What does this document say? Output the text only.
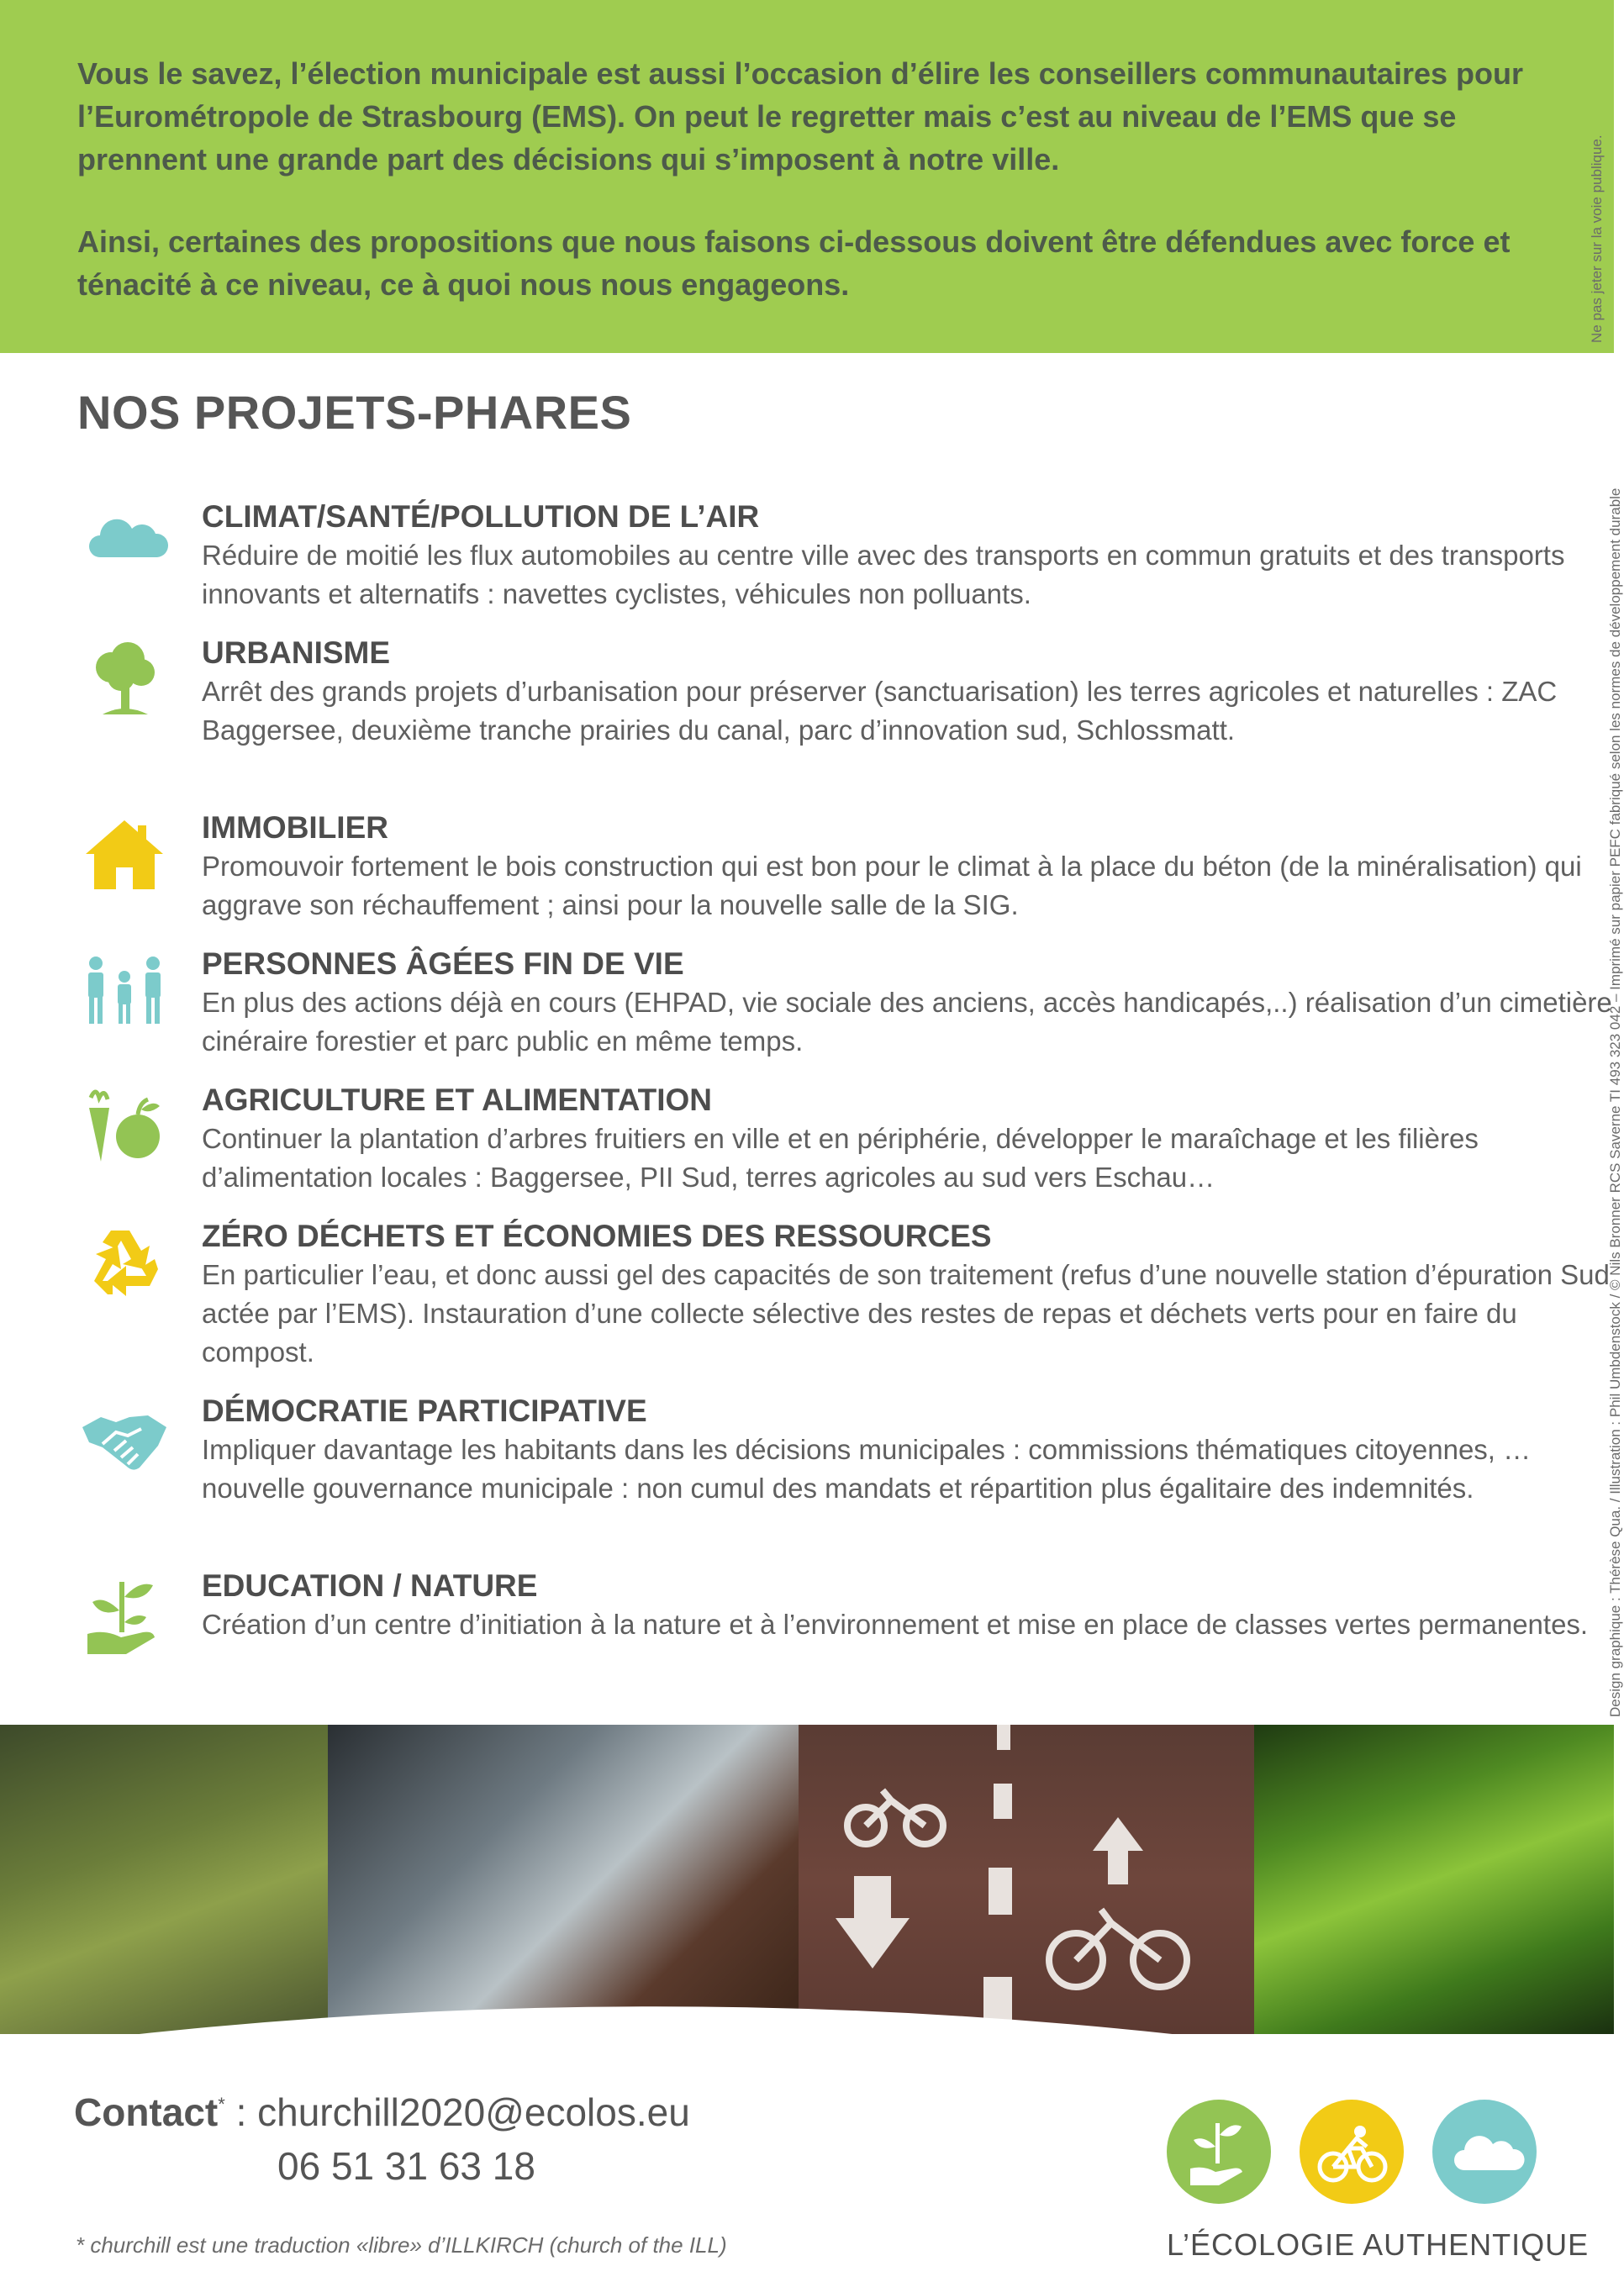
Vous le savez, l’élection municipale est aussi l’occasion d’élire les conseillers communautaires pour l’Eurométropole de Strasbourg (EMS). On peut le regretter mais c’est au niveau de l’EMS que se prennent une grande part des décisions qui s’imposent à notre ville.

Ainsi, certaines des propositions que nous faisons ci-dessous doivent être défendues avec force et ténacité à ce niveau, ce à quoi nous nous engageons.	Ne pas jeter sur la voie publique.
Design graphique : Thérèse Qua. / Illustration : Phil Umbdenstock / © Nils Bronner RCS Saverne TI 493 323 042 – Imprimé sur papier PEFC fabriqué selon les normes de développement durable
NOS PROJETS-PHARES
CLIMAT/SANTÉ/POLLUTION DE L’AIR

Réduire de moitié les flux automobiles au centre ville avec des transports en commun gratuits et des transports innovants et alternatifs : navettes cyclistes, véhicules non polluants.

URBANISME

Arrêt des grands projets d’urbanisation pour préserver (sanctuarisation) les terres agricoles et naturelles : ZAC Baggersee, deuxième tranche prairies du canal, parc d’innovation sud, Schlossmatt.

IMMOBILIER

Promouvoir fortement le bois construction qui est bon pour le climat à la place du béton (de la minéralisation) qui aggrave son réchauffement ; ainsi pour la nouvelle salle de la SIG.

PERSONNES ÂGÉES FIN DE VIE

En plus des actions déjà en cours (EHPAD, vie sociale des anciens, accès handicapés,..) réalisation d’un cimetière cinéraire forestier et parc public en même temps.

AGRICULTURE ET ALIMENTATION

Continuer la plantation d’arbres fruitiers en ville et en périphérie, développer le maraîchage et les filières d’alimentation locales : Baggersee, PII Sud, terres agricoles au sud vers Eschau…

ZÉRO DÉCHETS ET ÉCONOMIES DES RESSOURCES

En particulier l’eau, et donc aussi gel des capacités de son traitement (refus d’une nouvelle station d’épuration Sud actée par l’EMS). Instauration d’une collecte sélective des restes de repas et déchets verts pour en faire du compost.

DÉMOCRATIE PARTICIPATIVE

Impliquer davantage les habitants dans les décisions municipales : commissions thématiques citoyennes, …nouvelle gouvernance municipale : non cumul des mandats et répartition plus égalitaire des indemnités.

EDUCATION / NATURE

Création d’un centre d’initiation à la nature et à l’environnement et mise en place de classes vertes permanentes.

Contact* : churchill2020@ecolos.eu

06 51 31 63 18

* churchill est une traduction «libre» d’ILLKIRCH (church of the ILL)	L’ÉCOLOGIE AUTHENTIQUE
